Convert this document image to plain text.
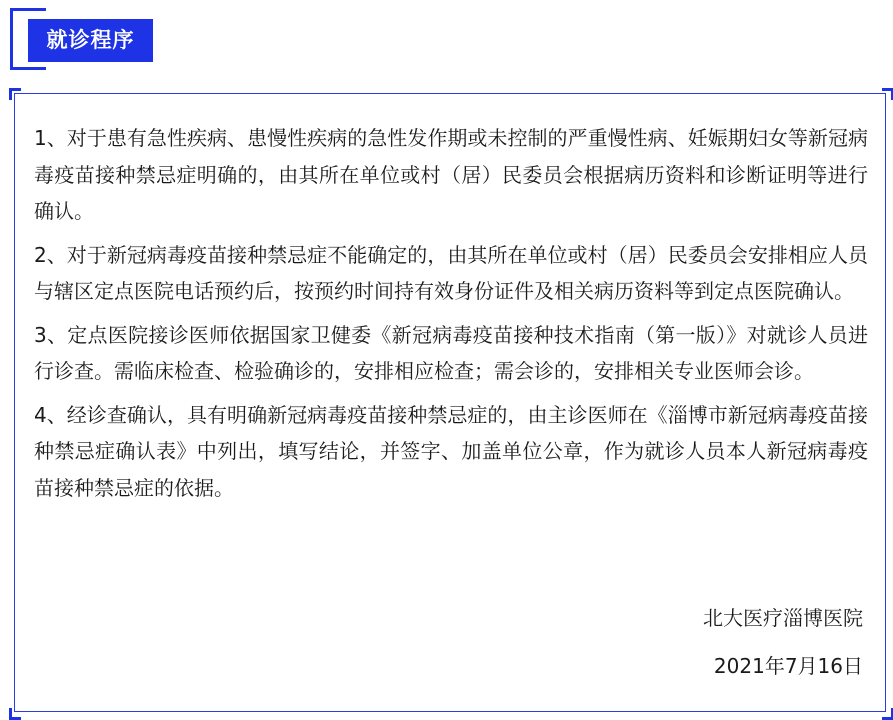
就诊程序

1、对于患有急性疾病、患慢性疾病的急性发作期或未控制的严重慢性病、妊娠期妇女等新冠病毒疫苗接种禁忌症明确的，由其所在单位或村（居）民委员会根据病历资料和诊断证明等进行确认。

2、对于新冠病毒疫苗接种禁忌症不能确定的，由其所在单位或村（居）民委员会安排相应人员与辖区定点医院电话预约后，按预约时间持有效身份证件及相关病历资料等到定点医院确认。

3、定点医院接诊医师依据国家卫健委《新冠病毒疫苗接种技术指南（第一版）》对就诊人员进行诊查。需临床检查、检验确诊的，安排相应检查；需会诊的，安排相关专业医师会诊。

4、经诊查确认，具有明确新冠病毒疫苗接种禁忌症的，由主诊医师在《淄博市新冠病毒疫苗接种禁忌症确认表》中列出，填写结论，并签字、加盖单位公章，作为就诊人员本人新冠病毒疫苗接种禁忌症的依据。

北大医疗淄博医院
2021年7月16日
